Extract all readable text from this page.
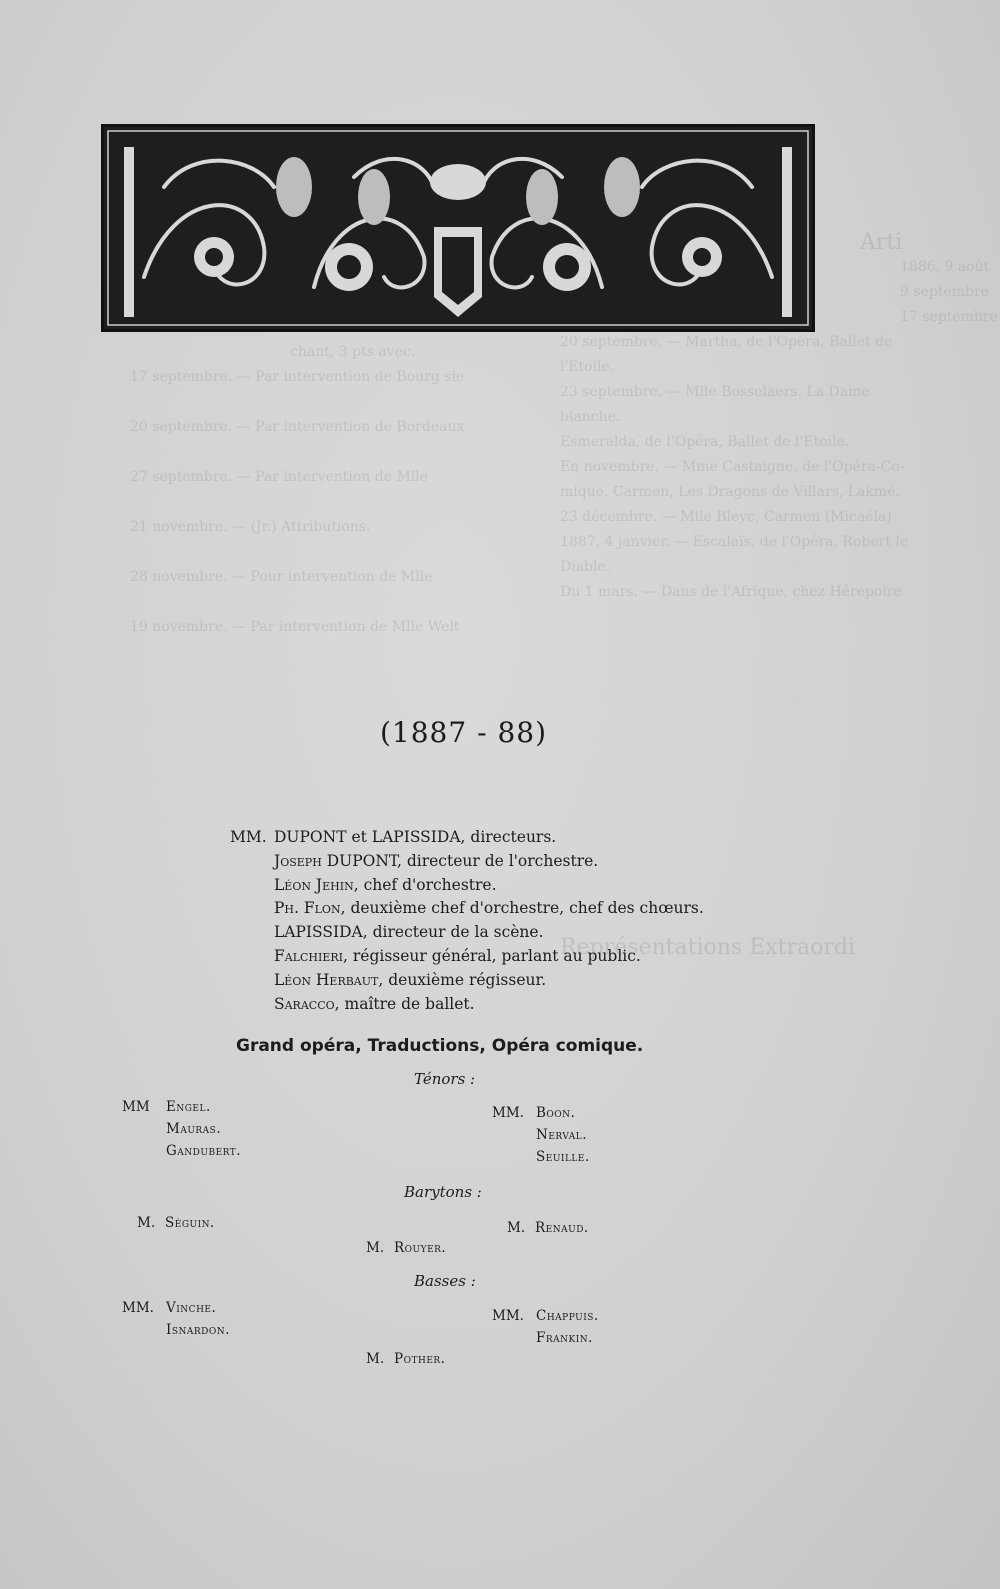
Arti
1886, 9 août
9 septembre
17 septembre
20 septembre, — Martha, de l'Opéra, Ballet de
l'Etoile.
23 septembre. — Mlle Bosselaers. La Dame
blanche.
Esmeralda, de l'Opéra, Ballet de l'Etoile.
En novembre. — Mme Castaigne, de l'Opéra-Co-
mique. Carmen, Les Dragons de Villars, Lakmé.
23 décembre. — Mlle Bleyc, Carmen (Micaëla)
1887, 4 janvier. — Escalaïs, de l'Opéra, Robert le
Diable.
Du 1 mars. — Dans de l'Afrique, chez Hérepoire
Représentations Extraordi
chant, 3 pts avec.
17 septembre. — Par intervention de Bourg sie
20 septembre. — Par intervention de Bordeaux
27 septembre. — Par intervention de Mlle
21 novembre. — (Jr.) Attributions.
28 novembre. — Pour intervention de Mlle
19 novembre. — Par intervention de Mlle Welt
(1887 - 88)
MM. DUPONT et LAPISSIDA, directeurs.
Joseph DUPONT, directeur de l'orchestre.
Léon Jehin, chef d'orchestre.
Ph. Flon, deuxième chef d'orchestre, chef des chœurs.
LAPISSIDA, directeur de la scène.
Falchieri, régisseur général, parlant au public.
Léon Herbaut, deuxième régisseur.
Saracco, maître de ballet.
Grand opéra, Traductions, Opéra comique.
Ténors :
MM Engel.
Mauras.
Gandubert.
MM. Boon.
Nerval.
Seuille.
Barytons :
M. Séguin.	M. Renaud.
M. Rouyer.
Basses :
MM. Vinche.
Isnardon.
MM. Chappuis.
Frankin.
M. Pother.
